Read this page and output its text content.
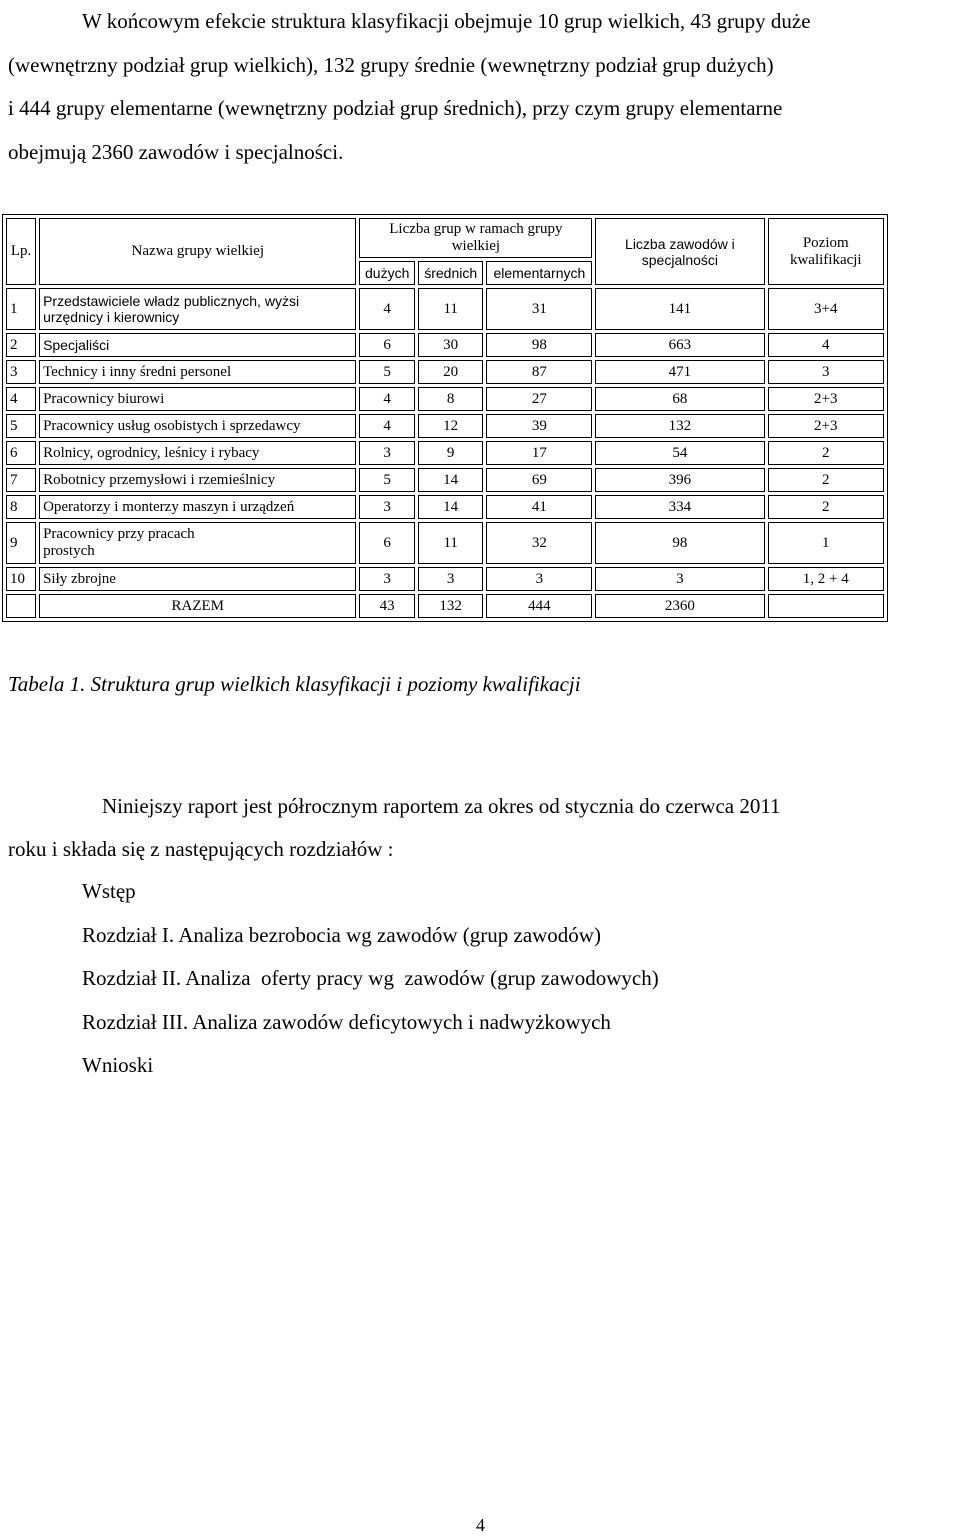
W końcowym efekcie struktura klasyfikacji obejmuje 10 grup wielkich, 43 grupy duże
(wewnętrzny podział grup wielkich), 132 grupy średnie (wewnętrzny podział grup dużych)
i 444 grupy elementarne (wewnętrzny podział grup średnich), przy czym grupy elementarne
obejmują 2360 zawodów i specjalności.
Lp.	Nazwa grupy wielkiej	Liczba grup w ramach grupy wielkiej			Liczba zawodów i specjalności	Poziom kwalifikacji
		dużych	średnich	elementarnych		
1	Przedstawiciele władz publicznych, wyżsi urzędnicy i kierownicy	4	11	31	141	3+4
2	Specjaliści	6	30	98	663	4
3	Technicy i inny średni personel	5	20	87	471	3
4	Pracownicy biurowi	4	8	27	68	2+3
5	Pracownicy usług osobistych i sprzedawcy	4	12	39	132	2+3
6	Rolnicy, ogrodnicy, leśnicy i rybacy	3	9	17	54	2
7	Robotnicy przemysłowi i rzemieślnicy	5	14	69	396	2
8	Operatorzy i monterzy maszyn i urządzeń	3	14	41	334	2
9	Pracownicy przy pracach prostych	6	11	32	98	1
10	Siły zbrojne	3	3	3	3	1, 2 + 4
	RAZEM	43	132	444	2360	
Tabela 1. Struktura grup wielkich klasyfikacji i poziomy kwalifikacji
Niniejszy raport jest półrocznym raportem za okres od stycznia do czerwca 2011
roku i składa się z następujących rozdziałów :
Wstęp
Rozdział I. Analiza bezrobocia wg zawodów (grup zawodów)
Rozdział II. Analiza  oferty pracy wg  zawodów (grup zawodowych)
Rozdział III. Analiza zawodów deficytowych i nadwyżkowych
Wnioski
4
